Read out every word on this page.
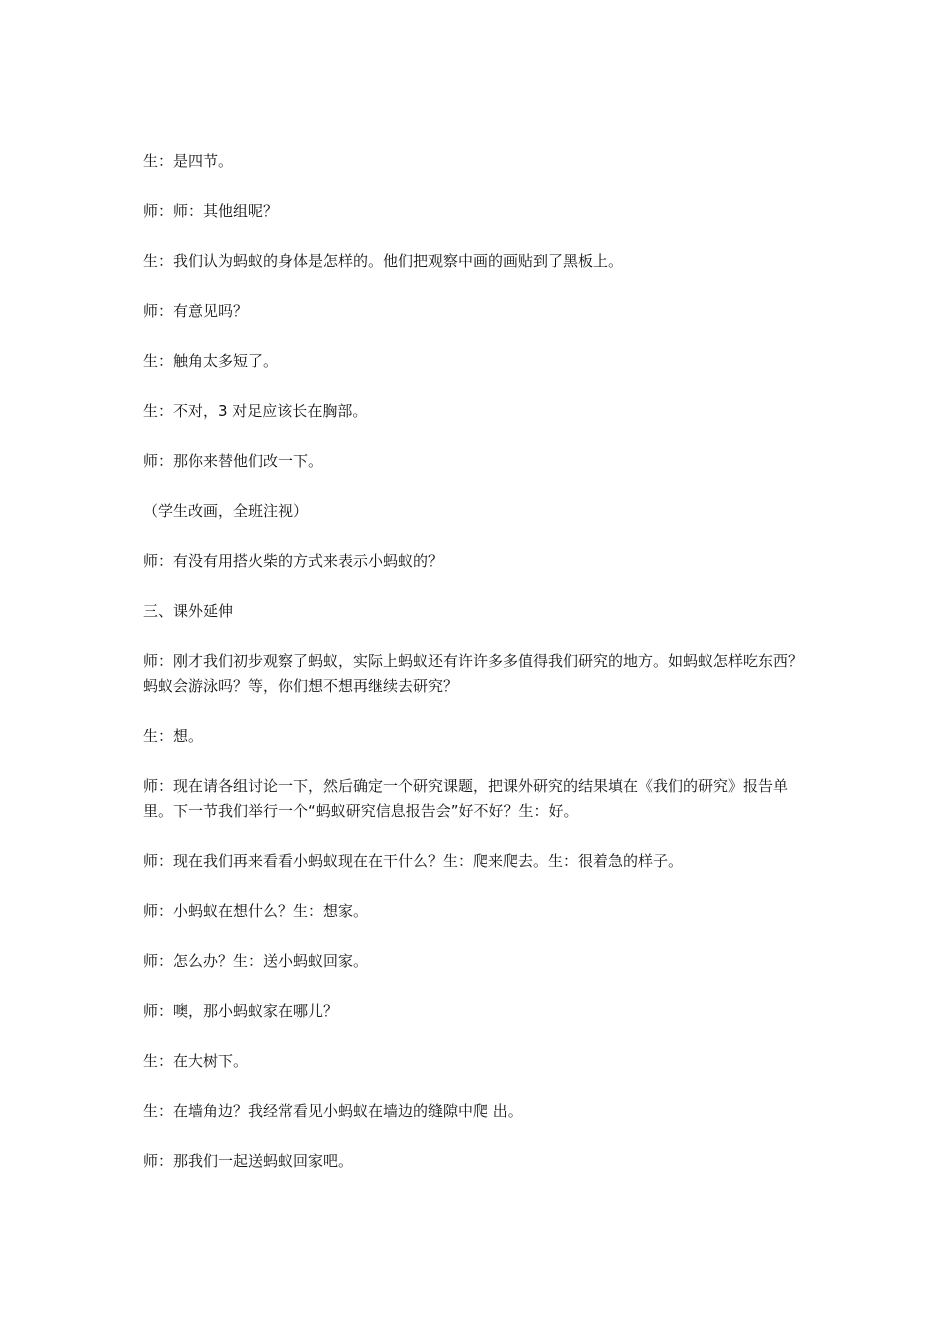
生：是四节。

师：师：其他组呢？

生：我们认为蚂蚁的身体是怎样的。他们把观察中画的画贴到了黑板上。

师：有意见吗？

生：触角太多短了。

生：不对，3 对足应该长在胸部。

师：那你来替他们改一下。

（学生改画，全班注视）

师：有没有用搭火柴的方式来表示小蚂蚁的？

三、课外延伸

师：刚才我们初步观察了蚂蚁，实际上蚂蚁还有许许多多值得我们研究的地方。如蚂蚁怎样吃东西？蚂蚁会游泳吗？等，你们想不想再继续去研究？

生：想。

师：现在请各组讨论一下，然后确定一个研究课题，把课外研究的结果填在《我们的研究》报告单里。下一节我们举行一个“蚂蚁研究信息报告会”好不好？生：好。

师：现在我们再来看看小蚂蚁现在在干什么？生：爬来爬去。生：很着急的样子。

师：小蚂蚁在想什么？生：想家。

师：怎么办？生：送小蚂蚁回家。

师：噢，那小蚂蚁家在哪儿？

生：在大树下。

生：在墙角边？我经常看见小蚂蚁在墙边的缝隙中爬 出。

师：那我们一起送蚂蚁回家吧。
